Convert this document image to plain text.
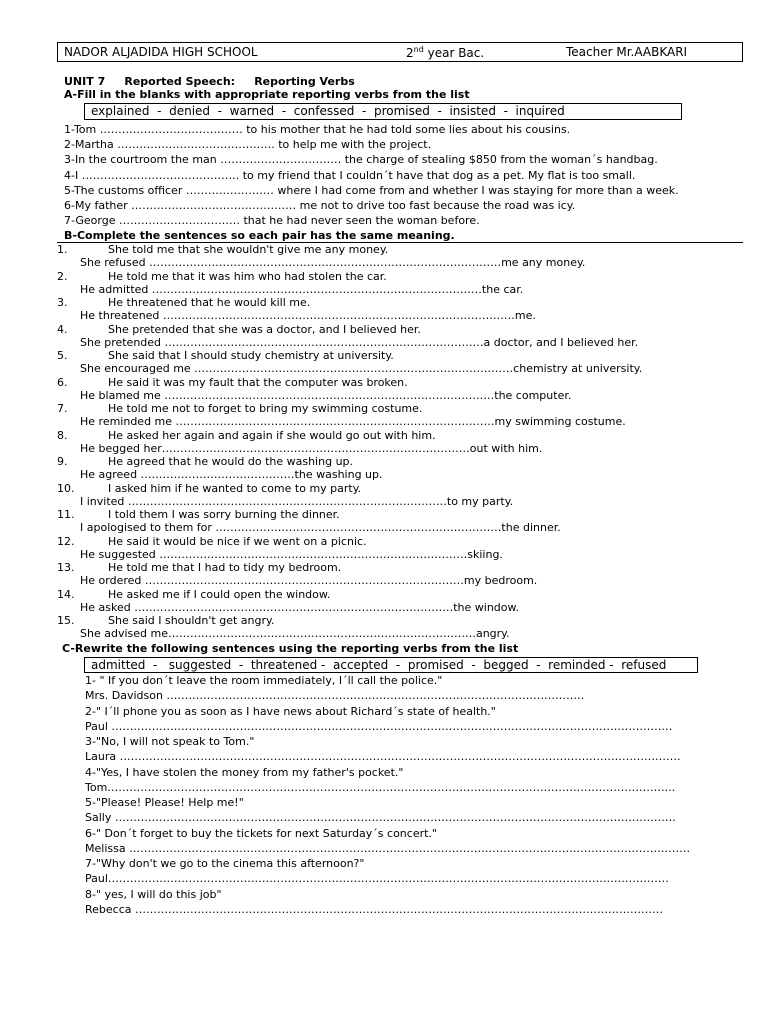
NADOR ALJADIDA HIGH SCHOOL	2nd year Bac.	Teacher Mr.AABKARI
UNIT 7     Reported Speech:     Reporting Verbs
A-Fill in the blanks with appropriate reporting verbs from the list
explained  -  denied  -  warned  -  confessed  -  promised  -  insisted  -  inquired
1-Tom ………………………………… to his mother that he had told some lies about his cousins.
2-Martha ……………………………………. to help me with the project.
3-In the courtroom the man …………………………… the charge of stealing $850 from the woman´s handbag.
4-I ……………………………………. to my friend that I couldn´t have that dog as a pet. My flat is too small.
5-The customs officer …………………… where I had come from and whether I was staying for more than a week.
6-My father ……………………………………… me not to drive too fast because the road was icy.
7-George …………………………… that he had never seen the woman before.
B-Complete the sentences so each pair has the same meaning.
1.	She told me that she wouldn't give me any money.
She refused ……………………………………………………………………………………me any money.
2.	He told me that it was him who had stolen the car.
He admitted ………………………………………………………………………………the car.
3.	He threatened that he would kill me.
He threatened ……………………………………………………………………………………me.
4.	She pretended that she was a doctor, and I believed her.
She pretended ……………………………………………………………………………a doctor, and I believed her.
5.	She said that I should study chemistry at university.
She encouraged me ……………………………………………………………………………chemistry at university.
6.	He said it was my fault that the computer was broken.
He blamed me ………………………………………………………………………………the computer.
7.	He told me not to forget to bring my swimming costume.
He reminded me ……………………………………………………………………………my swimming costume.
8.	He asked her again and again if she would go out with him.
He begged her…………………………………………………………………………out with him.
9.	He agreed that he would do the washing up.
He agreed ……………………………………the washing up.
10.	I asked him if he wanted to come to my party.
I invited ……………………………………………………………………………to my party.
11.	I told them I was sorry burning the dinner.
I apologised to them for ……………………………………………………………………the dinner.
12.	He said it would be nice if we went on a picnic.
He suggested …………………………………………………………………………skiing.
13.	He told me that I had to tidy my bedroom.
He ordered ……………………………………………………………………………my bedroom.
14.	He asked me if I could open the window.
He asked ……………………………………………………………………………the window.
15.	She said I shouldn't get angry.
She advised me…………………………………………………………………………angry.
C-Rewrite the following sentences using the reporting verbs from the list
admitted  -   suggested  -  threatened -  accepted  -  promised  -  begged  -  reminded -  refused
1- " If you don´t leave the room immediately, I´ll call the police."
Mrs. Davidson ……………………………………………………………………………………………………
2-" I´ll phone you as soon as I have news about Richard´s state of health."
Paul ………………………………………………………………………………………………………………………………………
3-"No, I will not speak to Tom."
Laura ………………………………………………………………………………………………………………………………………
4-"Yes, I have stolen the money from my father's pocket."
Tom………………………………………………………………………………………………………………………………………..
5-"Please! Please! Help me!"
Sally ………………………………………………………………………………………………………………………………………
6-" Don´t forget to buy the tickets for next Saturday´s concert."
Melissa ………………………………………………………………………………………………………………………………………
7-"Why don't we go to the cinema this afternoon?"
Paul………………………………………………………………………………………………………………………………………
8-" yes, I will do this job"
Rebecca ………………………………………………………………………………………………………………………………
